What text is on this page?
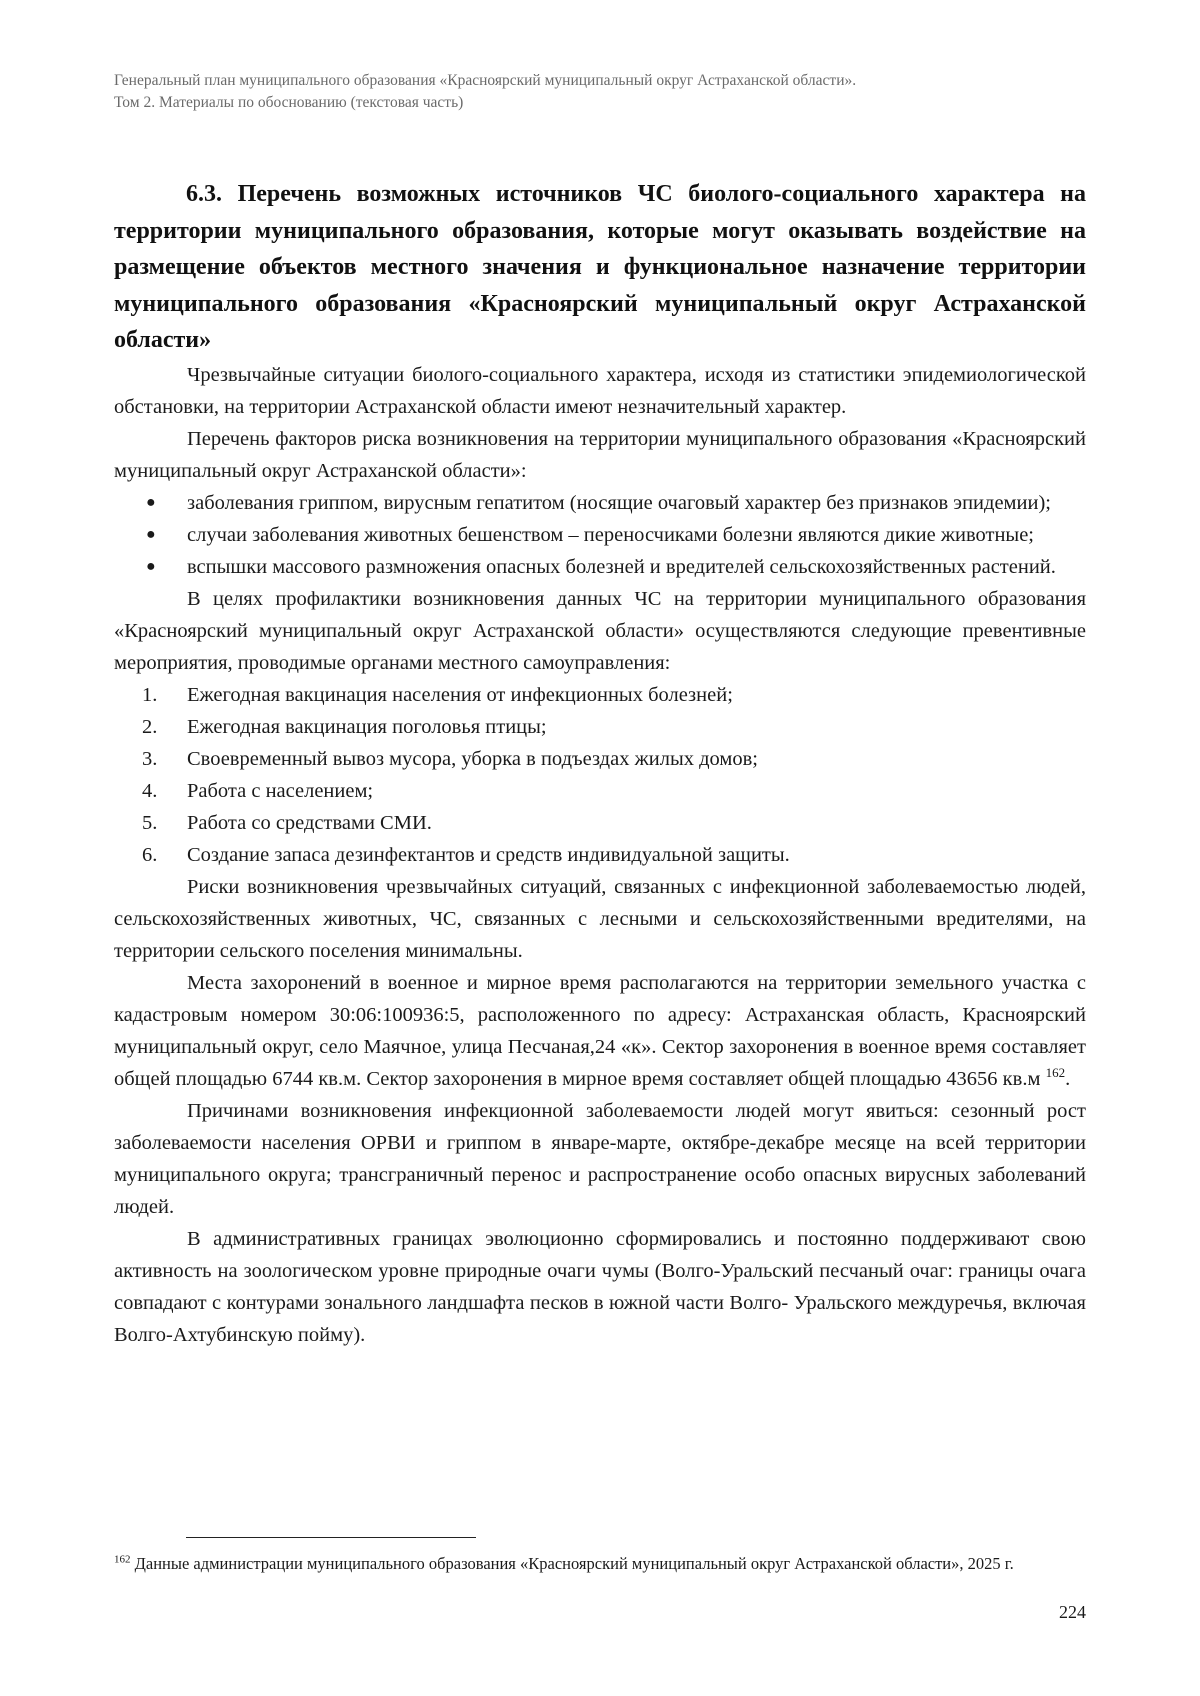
Генеральный план муниципального образования «Красноярский муниципальный округ Астраханской области».
Том 2. Материалы по обоснованию (текстовая часть)
6.3. Перечень возможных источников ЧС биолого-социального характера на территории муниципального образования, которые могут оказывать воздействие на размещение объектов местного значения и функциональное назначение территории муниципального образования «Красноярский муниципальный округ Астраханской области»

Чрезвычайные ситуации биолого-социального характера, исходя из статистики эпидемиологической обстановки, на территории Астраханской области имеют незначительный характер.

Перечень факторов риска возникновения на территории муниципального образования «Красноярский муниципальный округ Астраханской области»:

● заболевания гриппом, вирусным гепатитом (носящие очаговый характер без признаков эпидемии);

● случаи заболевания животных бешенством – переносчиками болезни являются дикие животные;

● вспышки массового размножения опасных болезней и вредителей сельскохозяйственных растений.

В целях профилактики возникновения данных ЧС на территории муниципального образования «Красноярский муниципальный округ Астраханской области» осуществляются следующие превентивные мероприятия, проводимые органами местного самоуправления:

1. Ежегодная вакцинация населения от инфекционных болезней;

2. Ежегодная вакцинация поголовья птицы;

3. Своевременный вывоз мусора, уборка в подъездах жилых домов;

4. Работа с населением;

5. Работа со средствами СМИ.

6. Создание запаса дезинфектантов и средств индивидуальной защиты.

Риски возникновения чрезвычайных ситуаций, связанных с инфекционной заболеваемостью людей, сельскохозяйственных животных, ЧС, связанных с лесными и сельскохозяйственными вредителями, на территории сельского поселения минимальны.

Места захоронений в военное и мирное время располагаются на территории земельного участка с кадастровым номером 30:06:100936:5, расположенного по адресу: Астраханская область, Красноярский муниципальный округ, село Маячное, улица Песчаная,24 «к». Сектор захоронения в военное время составляет общей площадью 6744 кв.м. Сектор захоронения в мирное время составляет общей площадью 43656 кв.м $^{162}$.

Причинами возникновения инфекционной заболеваемости людей могут явиться: сезонный рост заболеваемости населения ОРВИ и гриппом в январе-марте, октябре-декабре месяце на всей территории муниципального округа; трансграничный перенос и распространение особо опасных вирусных заболеваний людей.

В административных границах эволюционно сформировались и постоянно поддерживают свою активность на зоологическом уровне природные очаги чумы (Волго-Уральский песчаный очаг: границы очага совпадают с контурами зонального ландшафта песков в южной части Волго- Уральского междуречья, включая Волго-Ахтубинскую пойму).

$^{162}$ Данные администрации муниципального образования «Красноярский муниципальный округ Астраханской области», 2025 г.
224
